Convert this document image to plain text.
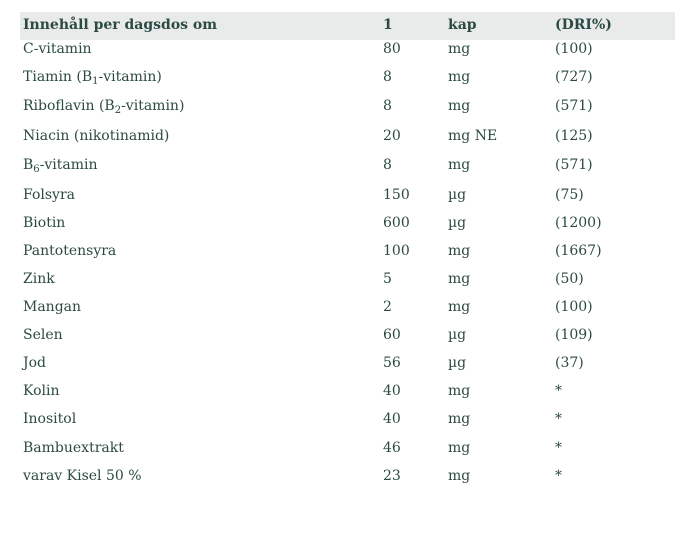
Innehåll per dagsdos om	1	kap	(DRI%)
C-vitamin	80	mg	(100)
Tiamin $(B_1-vitamin)$	8	mg	(727)
Riboflavin $(B_2-vitamin)$	8	mg	(571)
Niacin (nikotinamid)	20	mg NE	(125)
$B_6$-vitamin	8	mg	(571)
Folsyra	150	µg	(75)
Biotin	600	µg	(1200)
Pantotensyra	100	mg	(1667)
Zink	5	mg	(50)
Mangan	2	mg	(100)
Selen	60	µg	(109)
Jod	56	µg	(37)
Kolin	40	mg	*
Inositol	40	mg	*
Bambuextrakt	46	mg	*
varav Kisel 50 %	23	mg	*
